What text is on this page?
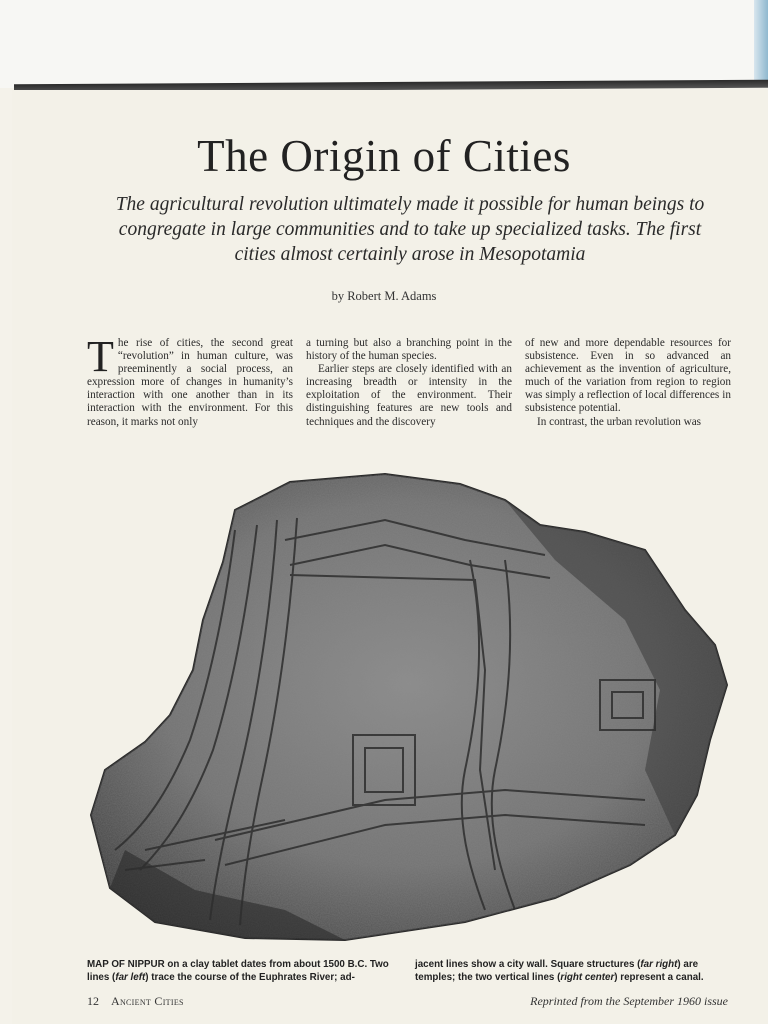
The Origin of Cities
The agricultural revolution ultimately made it possible for human beings to congregate in large communities and to take up specialized tasks. The first cities almost certainly arose in Mesopotamia
by Robert M. Adams

The rise of cities, the second great “revolution” in human culture, was preeminently a social process, an expression more of changes in humanity’s interaction with one another than in its interaction with the environment. For this reason, it marks not only

a turning but also a branching point in the history of the human species.

Earlier steps are closely identified with an increasing breadth or intensity in the exploitation of the environment. Their distinguishing features are new tools and techniques and the discovery

of new and more dependable resources for subsistence. Even in so advanced an achievement as the invention of agriculture, much of the variation from region to region was simply a reflection of local differences in subsistence potential.

In contrast, the urban revolution was

MAP OF NIPPUR on a clay tablet dates from about 1500 B.C. Two lines (far left) trace the course of the Euphrates River; ad-
jacent lines show a city wall. Square structures (far right) are temples; the two vertical lines (right center) represent a canal.
12 Ancient Cities	Reprinted from the September 1960 issue
